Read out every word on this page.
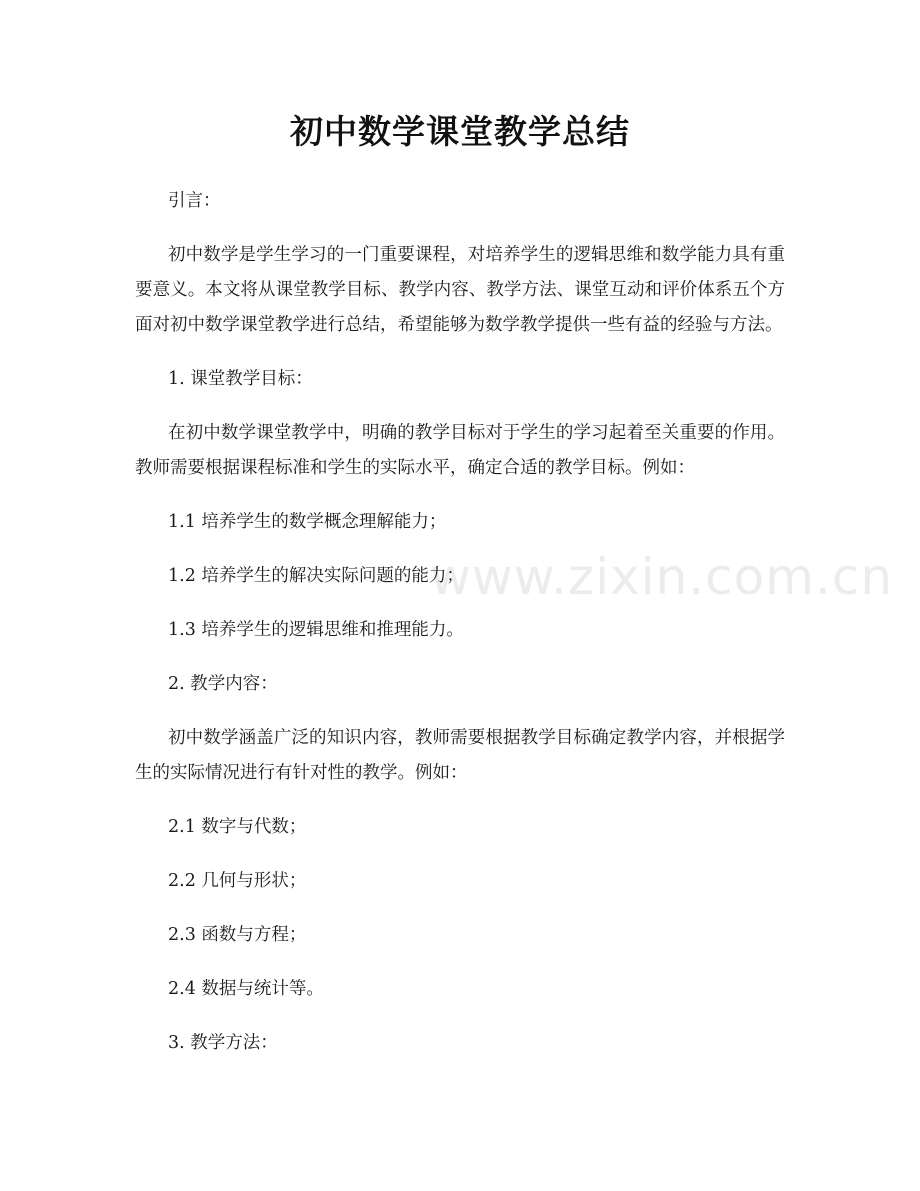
初中数学课堂教学总结

引言：

初中数学是学生学习的一门重要课程，对培养学生的逻辑思维和数学能力具有重要意义。本文将从课堂教学目标、教学内容、教学方法、课堂互动和评价体系五个方面对初中数学课堂教学进行总结，希望能够为数学教学提供一些有益的经验与方法。

1. 课堂教学目标：

在初中数学课堂教学中，明确的教学目标对于学生的学习起着至关重要的作用。教师需要根据课程标准和学生的实际水平，确定合适的教学目标。例如：

1.1 培养学生的数学概念理解能力；

1.2 培养学生的解决实际问题的能力；

1.3 培养学生的逻辑思维和推理能力。

2. 教学内容：

初中数学涵盖广泛的知识内容，教师需要根据教学目标确定教学内容，并根据学生的实际情况进行有针对性的教学。例如：

2.1 数字与代数；

2.2 几何与形状；

2.3 函数与方程；

2.4 数据与统计等。

3. 教学方法：

www.zixin.com.cn
